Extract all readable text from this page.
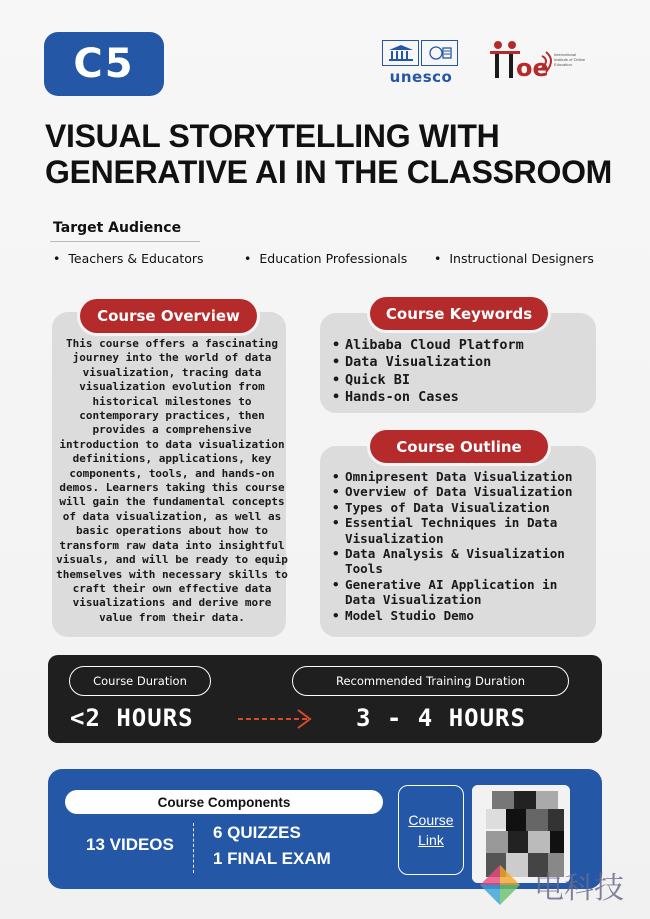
C5	unesco	oe International Institute of Online Education
VISUAL STORYTELLING WITH
GENERATIVE AI IN THE CLASSROOM
Target Audience
• Teachers & Educators	• Education Professionals	• Instructional Designers
Course Overview
This course offers a fascinating journey into the world of data visualization, tracing data visualization evolution from historical milestones to contemporary practices, then provides a comprehensive introduction to data visualization definitions, applications, key components, tools, and hands-on demos. Learners taking this course will gain the fundamental concepts of data visualization, as well as basic operations about how to transform raw data into insightful visuals, and will be ready to equip themselves with necessary skills to craft their own effective data visualizations and derive more value from their data.
Course Keywords
• Alibaba Cloud Platform
• Data Visualization
• Quick BI
• Hands-on Cases
Course Outline
• Omnipresent Data Visualization
• Overview of Data Visualization
• Types of Data Visualization
• Essential Techniques in Data Visualization
• Data Analysis & Visualization Tools
• Generative AI Application in Data Visualization
• Model Studio Demo
Course Duration	Recommended Training Duration
<2 HOURS	3 - 4 HOURS
Course Components
13 VIDEOS
6 QUIZZES
1 FINAL EXAM
Course
Link
电科技
